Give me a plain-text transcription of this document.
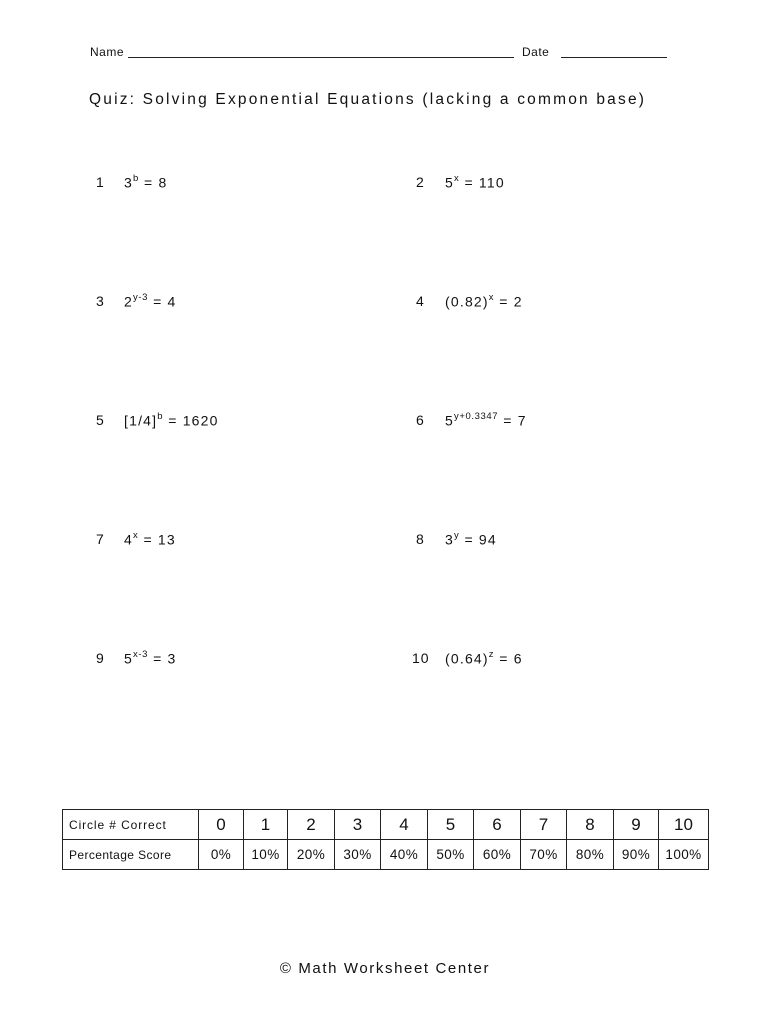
Name	Date
Quiz: Solving Exponential Equations (lacking a common base)
1 $3^b = 8$
3 $2^{y-3} = 4$
5 $[1/4]^b = 1620$
7 $4^x = 13$
9 $5^{x-3} = 3$
2 $5^x = 110$
4 $(0.82)^x = 2$
6 $5^{y+0.3347} = 7$
8 $3^y = 94$
10 $(0.64)^z = 6$
Circle # Correct	0	1	2	3	4	5	6	7	8	9	10
Percentage Score	0%	10%	20%	30%	40%	50%	60%	70%	80%	90%	100%
© Math Worksheet Center
